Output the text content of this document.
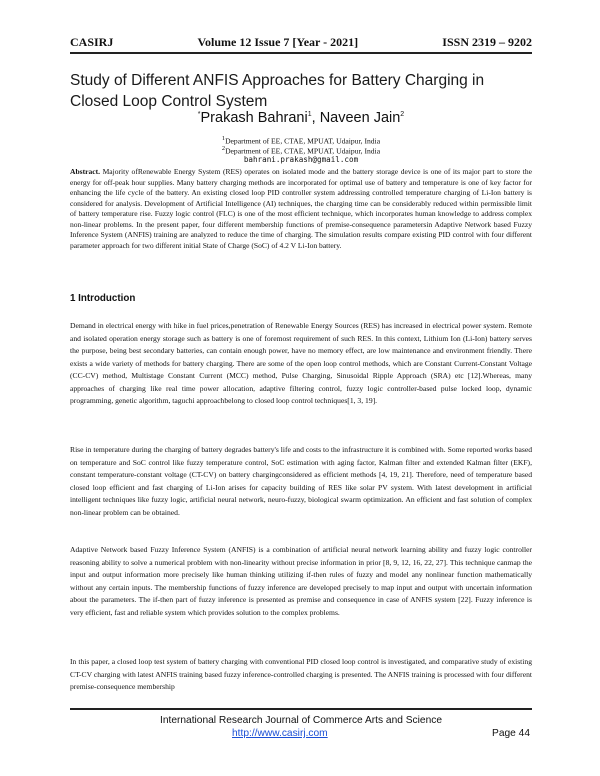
CASIRJ	Volume 12 Issue 7 [Year - 2021]	ISSN 2319 – 9202
Study of Different ANFIS Approaches for Battery Charging in Closed Loop Control System
*Prakash Bahrani$^1$, Naveen Jain$^2$
$^1$Department of EE, CTAE, MPUAT, Udaipur, India
$^2$Department of EE, CTAE, MPUAT, Udaipur, India
bahrani.prakash@gmail.com
Abstract. Majority ofRenewable Energy System (RES) operates on isolated mode and the battery storage device is one of its major part to store the energy for off-peak hour supplies. Many battery charging methods are incorporated for optimal use of battery and temperature is one of key factor for enhancing the life cycle of the battery. An existing closed loop PID controller system addressing controlled temperature charging of Li-Ion battery is considered for analysis. Development of Artificial Intelligence (AI) techniques, the charging time can be considerably reduced within permissible limit of battery temperature rise. Fuzzy logic control (FLC) is one of the most efficient technique, which incorporates human knowledge to address complex non-linear problems. In the present paper, four different membership functions of premise-consequence parametersin Adaptive Network based Fuzzy Inference System (ANFIS) training are analyzed to reduce the time of charging. The simulation results compare existing PID control with four different parameter approach for two different initial State of Charge (SoC) of 4.2 V Li-Ion battery.
1 Introduction

Demand in electrical energy with hike in fuel prices,penetration of Renewable Energy Sources (RES) has increased in electrical power system. Remote and isolated operation energy storage such as battery is one of foremost requirement of such RES. In this context, Lithium Ion (Li-Ion) battery serves the purpose, being best secondary batteries, can contain enough power, have no memory effect, are low maintenance and environment friendly. There exists a wide variety of methods for battery charging. There are some of the open loop control methods, which are Constant Current-Constant Voltage (CC-CV) method, Multistage Constant Current (MCC) method, Pulse Charging, Sinusoidal Ripple Approach (SRA) etc [12].Whereas, many approaches of charging like real time power allocation, adaptive filtering control, fuzzy logic controller-based pulse locked loop, dynamic programming, genetic algorithm, taguchi approachbelong to closed loop control techniques[1, 3, 19].

Rise in temperature during the charging of battery degrades battery's life and costs to the infrastructure it is combined with. Some reported works based on temperature and SoC control like fuzzy temperature control, SoC estimation with aging factor, Kalman filter and extended Kalman filter (EKF), constant temperature-constant voltage (CT-CV) on battery chargingconsidered as efficient methods [4, 19, 21]. Therefore, need of temperature based closed loop efficient and fast charging of Li-Ion arises for capacity building of RES like solar PV system. With latest development in artificial intelligent techniques like fuzzy logic, artificial neural network, neuro-fuzzy, biological swarm optimization. An efficient and fast solution of complex non-linear problem can be obtained.

Adaptive Network based Fuzzy Inference System (ANFIS) is a combination of artificial neural network learning ability and fuzzy logic controller reasoning ability to solve a numerical problem with non-linearity without precise information in prior [8, 9, 12, 16, 22, 27]. This technique canmap the input and output information more precisely like human thinking utilizing if-then rules of fuzzy and model any nonlinear function mathematically without any certain inputs. The membership functions of fuzzy inference are developed precisely to map input and output with uncertain information about the parameters. The if-then part of fuzzy inference is presented as premise and consequence in case of ANFIS system [22]. Fuzzy inference is very efficient, fast and reliable system which provides solution to the complex problems.

In this paper, a closed loop test system of battery charging with conventional PID closed loop control is investigated, and comparative study of existing CT-CV charging with latest ANFIS training based fuzzy inference-controlled charging is presented. The ANFIS training is processed with four different premise-consequence membership

International Research Journal of Commerce Arts and Science
http://www.casirj.com	Page 44
